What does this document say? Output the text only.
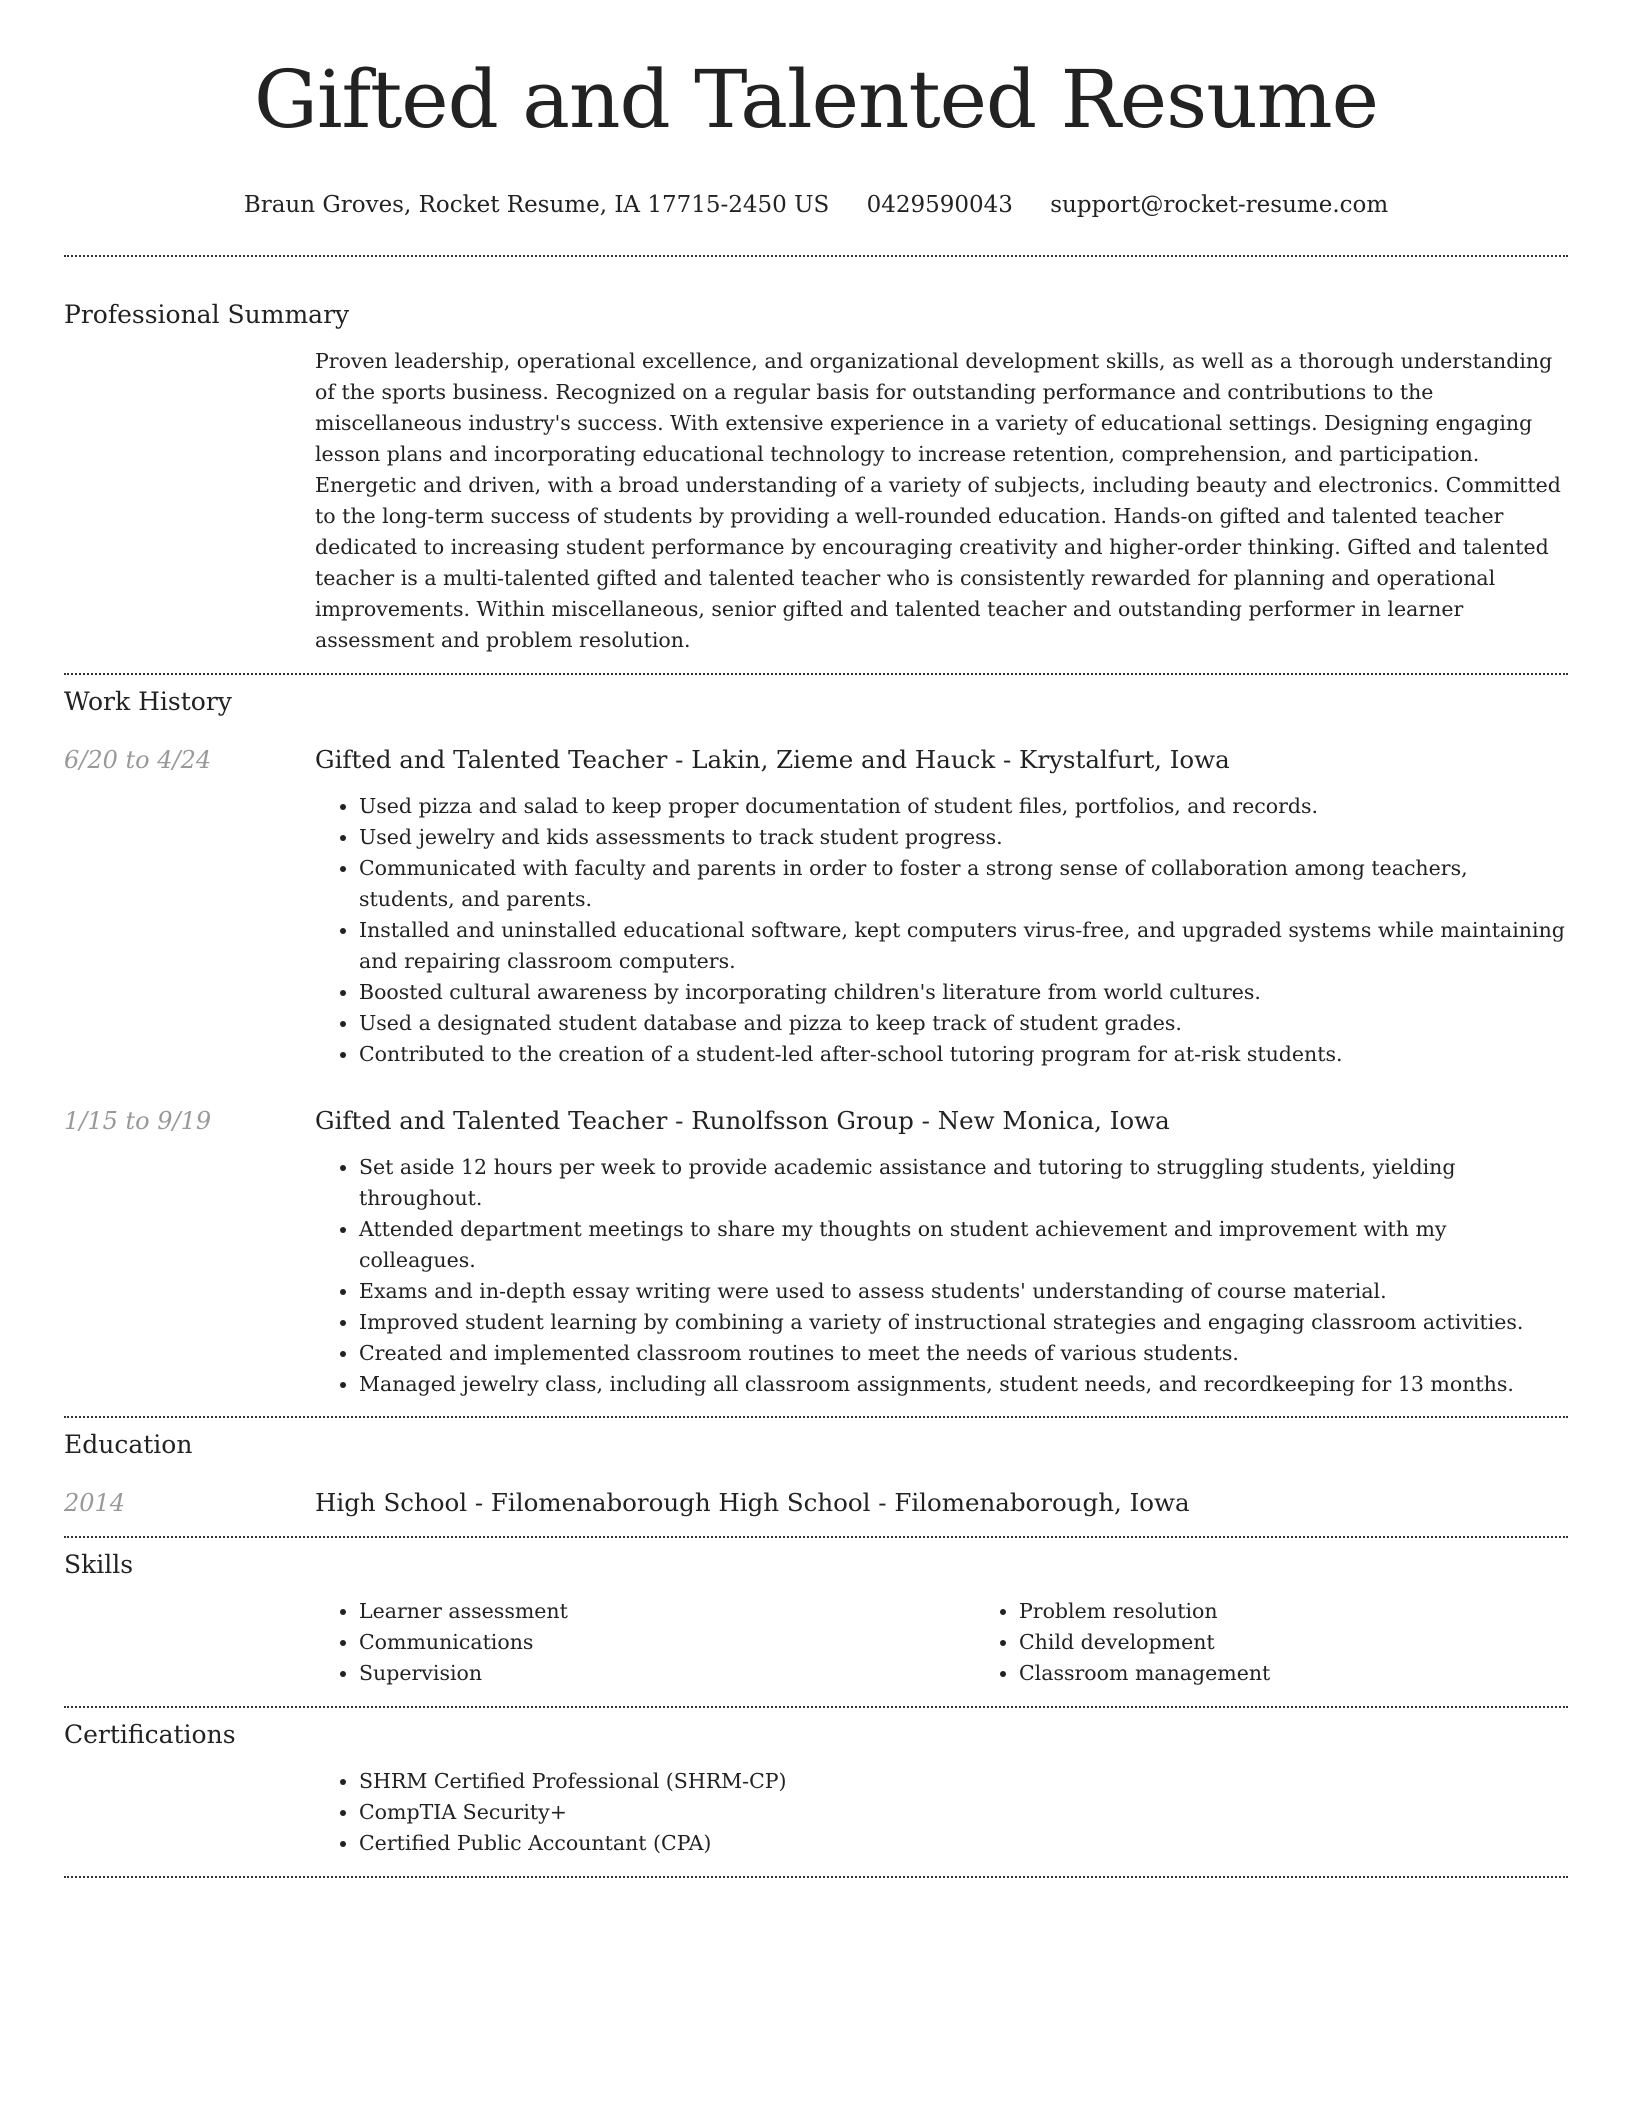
Gifted and Talented Resume
Braun Groves, Rocket Resume, IA 17715-2450 US 0429590043 support@rocket-resume.com
Professional Summary

Proven leadership, operational excellence, and organizational development skills, as well as a thorough understanding of the sports business. Recognized on a regular basis for outstanding performance and contributions to the miscellaneous industry's success. With extensive experience in a variety of educational settings. Designing engaging lesson plans and incorporating educational technology to increase retention, comprehension, and participation. Energetic and driven, with a broad understanding of a variety of subjects, including beauty and electronics. Committed to the long-term success of students by providing a well-rounded education. Hands-on gifted and talented teacher dedicated to increasing student performance by encouraging creativity and higher-order thinking. Gifted and talented teacher is a multi-talented gifted and talented teacher who is consistently rewarded for planning and operational improvements. Within miscellaneous, senior gifted and talented teacher and outstanding performer in learner assessment and problem resolution.

Work History
6/20 to 4/24	Gifted and Talented Teacher - Lakin, Zieme and Hauck - Krystalfurt, Iowa
• Used pizza and salad to keep proper documentation of student files, portfolios, and records.
• Used jewelry and kids assessments to track student progress.
• Communicated with faculty and parents in order to foster a strong sense of collaboration among teachers, students, and parents.
• Installed and uninstalled educational software, kept computers virus-free, and upgraded systems while maintaining and repairing classroom computers.
• Boosted cultural awareness by incorporating children's literature from world cultures.
• Used a designated student database and pizza to keep track of student grades.
• Contributed to the creation of a student-led after-school tutoring program for at-risk students.
1/15 to 9/19	Gifted and Talented Teacher - Runolfsson Group - New Monica, Iowa
• Set aside 12 hours per week to provide academic assistance and tutoring to struggling students, yielding throughout.
• Attended department meetings to share my thoughts on student achievement and improvement with my colleagues.
• Exams and in-depth essay writing were used to assess students' understanding of course material.
• Improved student learning by combining a variety of instructional strategies and engaging classroom activities.
• Created and implemented classroom routines to meet the needs of various students.
• Managed jewelry class, including all classroom assignments, student needs, and recordkeeping for 13 months.
Education
2014	High School - Filomenaborough High School - Filomenaborough, Iowa
Skills
• Learner assessment
• Communications
• Supervision
• Problem resolution
• Child development
• Classroom management
Certifications
• SHRM Certified Professional (SHRM-CP)
• CompTIA Security+
• Certified Public Accountant (CPA)
